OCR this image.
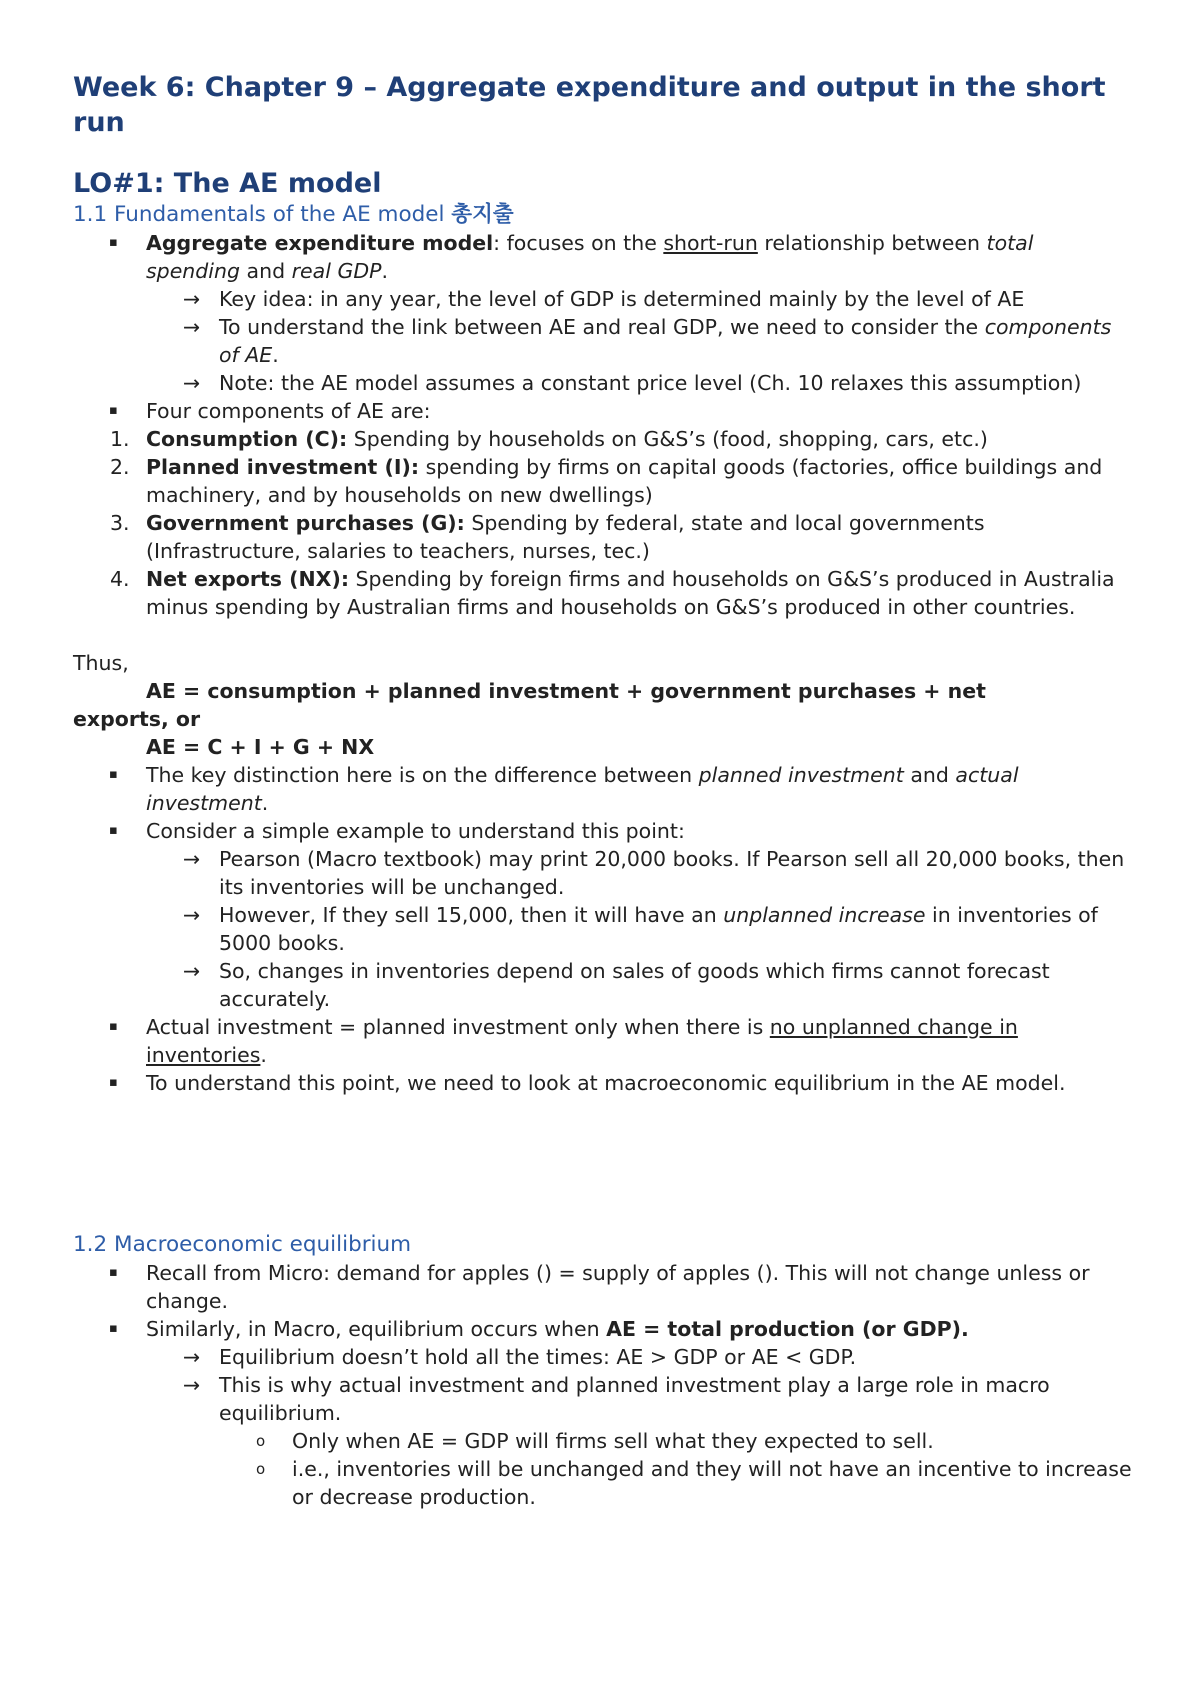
Week 6: Chapter 9 – Aggregate expenditure and output in the short run
LO#1: The AE model
1.1 Fundamentals of the AE model 총지출
▪ Aggregate expenditure model: focuses on the short-run relationship between total spending and real GDP.
→ Key idea: in any year, the level of GDP is determined mainly by the level of AE
→ To understand the link between AE and real GDP, we need to consider the components of AE.
→ Note: the AE model assumes a constant price level (Ch. 10 relaxes this assumption)
▪ Four components of AE are:
1. Consumption (C): Spending by households on G&S’s (food, shopping, cars, etc.)
2. Planned investment (I): spending by firms on capital goods (factories, office buildings and machinery, and by households on new dwellings)
3. Government purchases (G): Spending by federal, state and local governments (Infrastructure, salaries to teachers, nurses, tec.)
4. Net exports (NX): Spending by foreign firms and households on G&S’s produced in Australia minus spending by Australian firms and households on G&S’s produced in other countries.
Thus,
AE = consumption + planned investment + government purchases + net
exports, or
AE = C + I + G + NX
▪ The key distinction here is on the difference between planned investment and actual investment.
▪ Consider a simple example to understand this point:
→ Pearson (Macro textbook) may print 20,000 books. If Pearson sell all 20,000 books, then its inventories will be unchanged.
→ However, If they sell 15,000, then it will have an unplanned increase in inventories of 5000 books.
→ So, changes in inventories depend on sales of goods which firms cannot forecast accurately.
▪ Actual investment = planned investment only when there is no unplanned change in inventories.
▪ To understand this point, we need to look at macroeconomic equilibrium in the AE model.
1.2 Macroeconomic equilibrium
▪ Recall from Micro: demand for apples () = supply of apples (). This will not change unless or change.
▪ Similarly, in Macro, equilibrium occurs when AE = total production (or GDP).
→ Equilibrium doesn’t hold all the times: AE > GDP or AE < GDP.
→ This is why actual investment and planned investment play a large role in macro equilibrium.
o Only when AE = GDP will firms sell what they expected to sell.
o i.e., inventories will be unchanged and they will not have an incentive to increase or decrease production.
